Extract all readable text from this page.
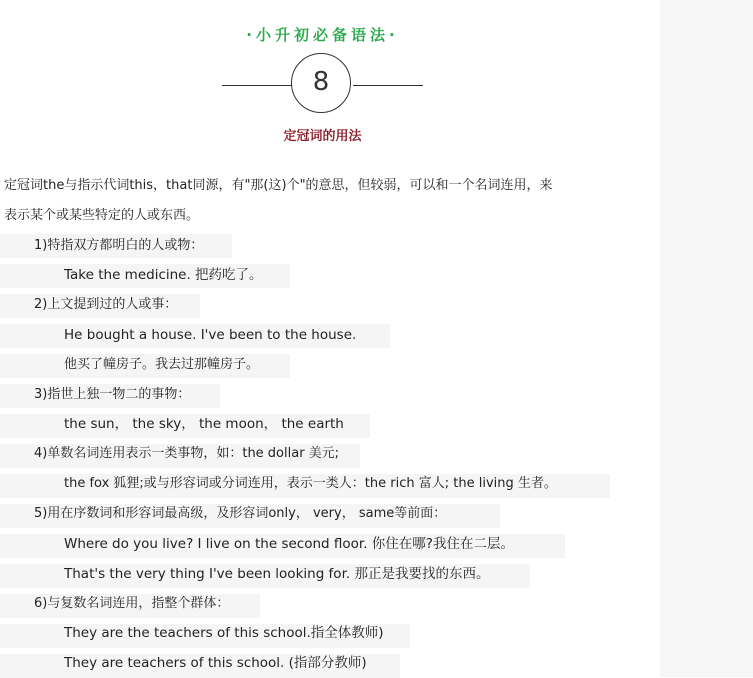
·小升初必备语法·
8
定冠词的用法
定冠词the与指示代词this，that同源，有"那(这)个"的意思，但较弱，可以和一个名词连用，来
表示某个或某些特定的人或东西。
1)特指双方都明白的人或物：
Take the medicine. 把药吃了。
2)上文提到过的人或事：
He bought a house. I've been to the house.
他买了幢房子。我去过那幢房子。
3)指世上独一物二的事物：
the sun， the sky， the moon， the earth
4)单数名词连用表示一类事物，如：the dollar 美元;
the fox 狐狸;或与形容词或分词连用，表示一类人：the rich 富人; the living 生者。
5)用在序数词和形容词最高级，及形容词only， very， same等前面：
Where do you live? I live on the second floor. 你住在哪?我住在二层。
That's the very thing I've been looking for. 那正是我要找的东西。
6)与复数名词连用，指整个群体：
They are the teachers of this school.指全体教师)
They are teachers of this school. (指部分教师)
